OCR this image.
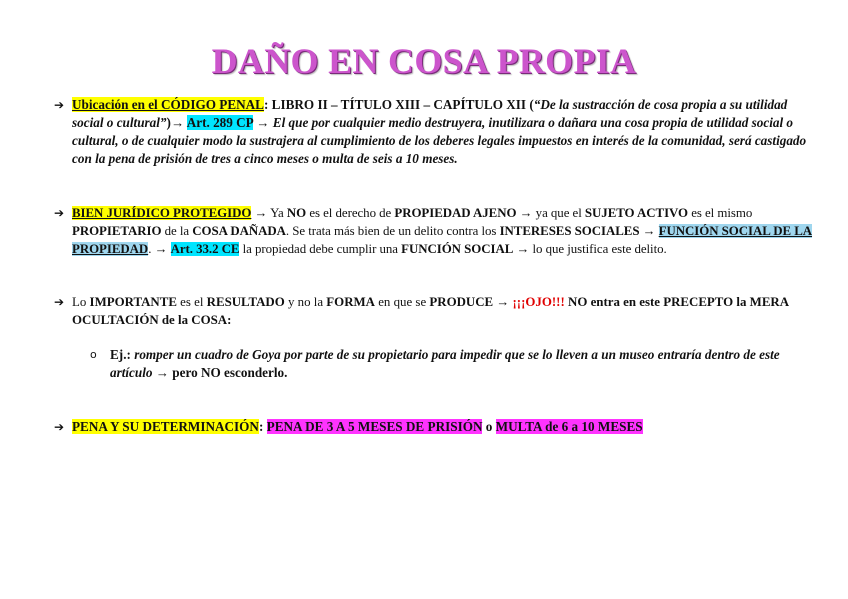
DAÑO EN COSA PROPIA
➔ Ubicación en el CÓDIGO PENAL: LIBRO II – TÍTULO XIII – CAPÍTULO XII (“De la sustracción de cosa propia a su utilidad social o cultural”)→ Art. 289 CP → El que por cualquier medio destruyera, inutilizara o dañara una cosa propia de utilidad social o cultural, o de cualquier modo la sustrajera al cumplimiento de los deberes legales impuestos en interés de la comunidad, será castigado con la pena de prisión de tres a cinco meses o multa de seis a 10 meses.
➔ BIEN JURÍDICO PROTEGIDO → Ya NO es el derecho de PROPIEDAD AJENO → ya que el SUJETO ACTIVO es el mismo PROPIETARIO de la COSA DAÑADA. Se trata más bien de un delito contra los INTERESES SOCIALES → FUNCIÓN SOCIAL DE LA PROPIEDAD. → Art. 33.2 CE la propiedad debe cumplir una FUNCIÓN SOCIAL → lo que justifica este delito.
➔ Lo IMPORTANTE es el RESULTADO y no la FORMA en que se PRODUCE → ¡¡¡OJO!!! NO entra en este PRECEPTO la MERA OCULTACIÓN de la COSA:
o Ej.: romper un cuadro de Goya por parte de su propietario para impedir que se lo lleven a un museo entraría dentro de este artículo → pero NO esconderlo.
➔ PENA Y SU DETERMINACIÓN: PENA DE 3 A 5 MESES DE PRISIÓN o MULTA de 6 a 10 MESES
